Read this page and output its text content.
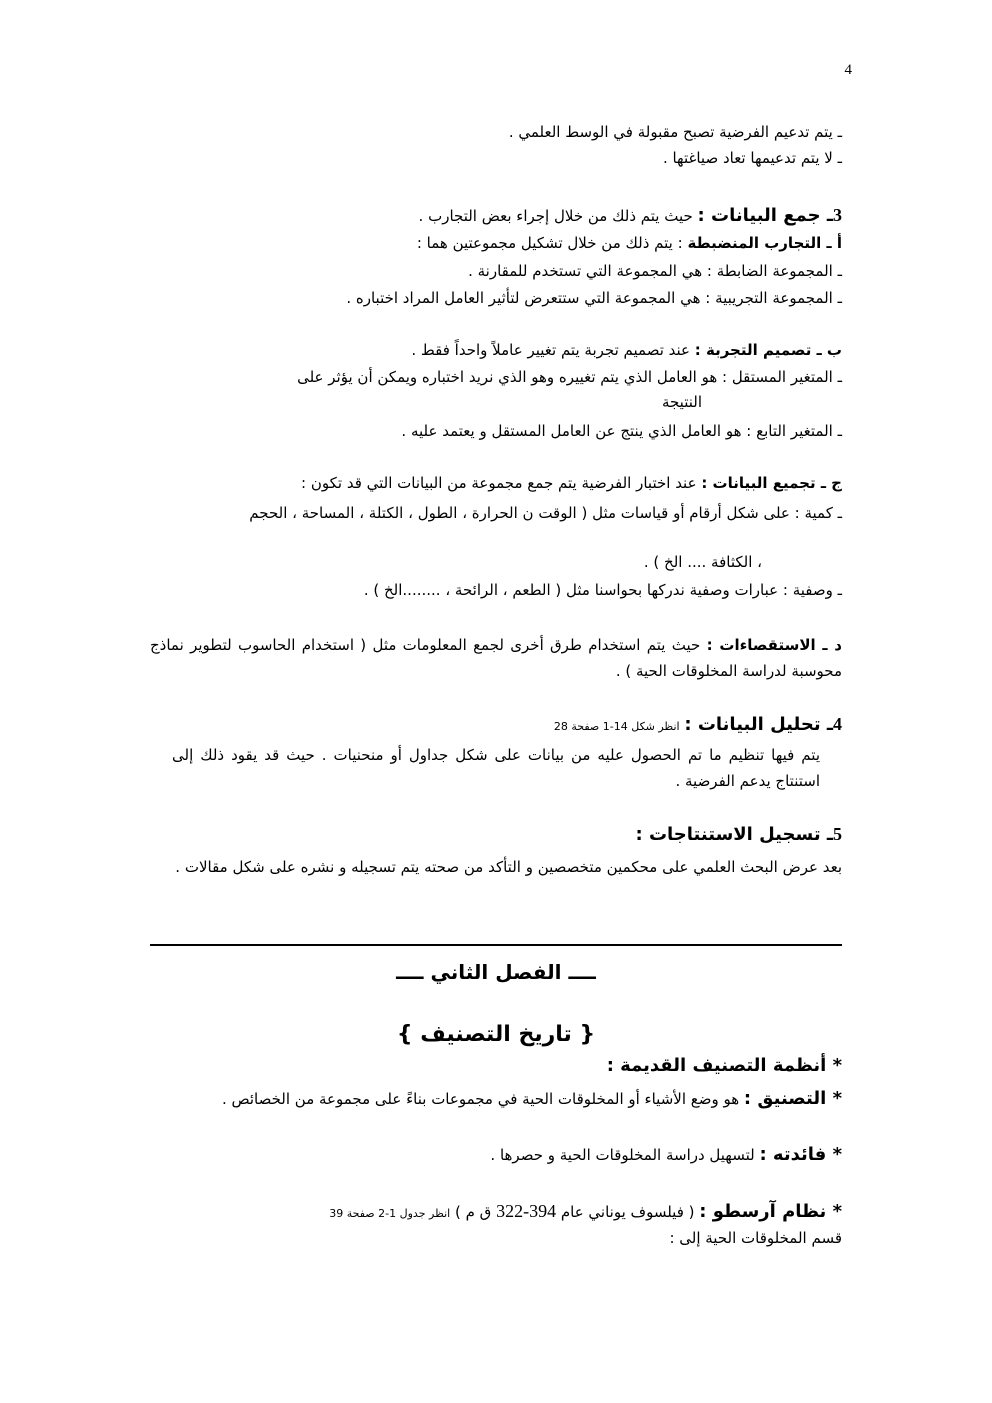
4
ـ يتم تدعيم الفرضية تصبح مقبولة في الوسط العلمي .
ـ لا يتم تدعيمها تعاد صياغتها .
3ـ جمع البيانات : حيث يتم ذلك من خلال إجراء بعض التجارب .
أ ـ التجارب المنضبطة : يتم ذلك من خلال تشكيل مجموعتين هما :
ـ المجموعة الضابطة : هي المجموعة التي تستخدم للمقارنة .
ـ المجموعة التجريبية : هي المجموعة التي ستتعرض لتأثير العامل المراد اختباره .
ب ـ تصميم التجربة : عند تصميم تجربة يتم تغيير عاملاً واحداً فقط .
ـ المتغير المستقل : هو العامل الذي يتم تغييره وهو الذي نريد اختباره ويمكن أن يؤثر على
النتيجة
ـ المتغير التابع : هو العامل الذي ينتج عن العامل المستقل و يعتمد عليه .
ج ـ تجميع البيانات : عند اختبار الفرضية يتم جمع مجموعة من البيانات التي قد تكون :
ـ كمية : على شكل أرقام أو قياسات مثل ( الوقت ن الحرارة ، الطول ، الكتلة ، المساحة ، الحجم
، الكثافة .... الخ ) .
ـ وصفية : عبارات وصفية ندركها بحواسنا مثل ( الطعم ، الرائحة ، ........الخ ) .
د ـ الاستقصاءات : حيث يتم استخدام طرق أخرى لجمع المعلومات مثل ( استخدام الحاسوب لتطوير نماذج محوسبة لدراسة المخلوقات الحية ) .
4ـ تحليل البيانات : انظر شكل 14-1 صفحة 28
يتم فيها تنظيم ما تم الحصول عليه من بيانات على شكل جداول أو منحنيات . حيث قد يقود ذلك إلى استنتاج يدعم الفرضية .
5ـ تسجيل الاستنتاجات :
بعد عرض البحث العلمي على محكمين متخصصين و التأكد من صحته يتم تسجيله و نشره على شكل مقالات .
ــــ الفصل الثاني ــــ
{ تاريخ التصنيف }
* أنظمة التصنيف القديمة :
* التصنيق : هو وضع الأشياء أو المخلوقات الحية في مجموعات بناءً على مجموعة من الخصائص .
* فائدته : لتسهيل دراسة المخلوقات الحية و حصرها .
* نظام آرسطو : ( فيلسوف يوناني عام 322-394 ق م ) انظر جدول 1-2 صفحة 39
قسم المخلوقات الحية إلى :
